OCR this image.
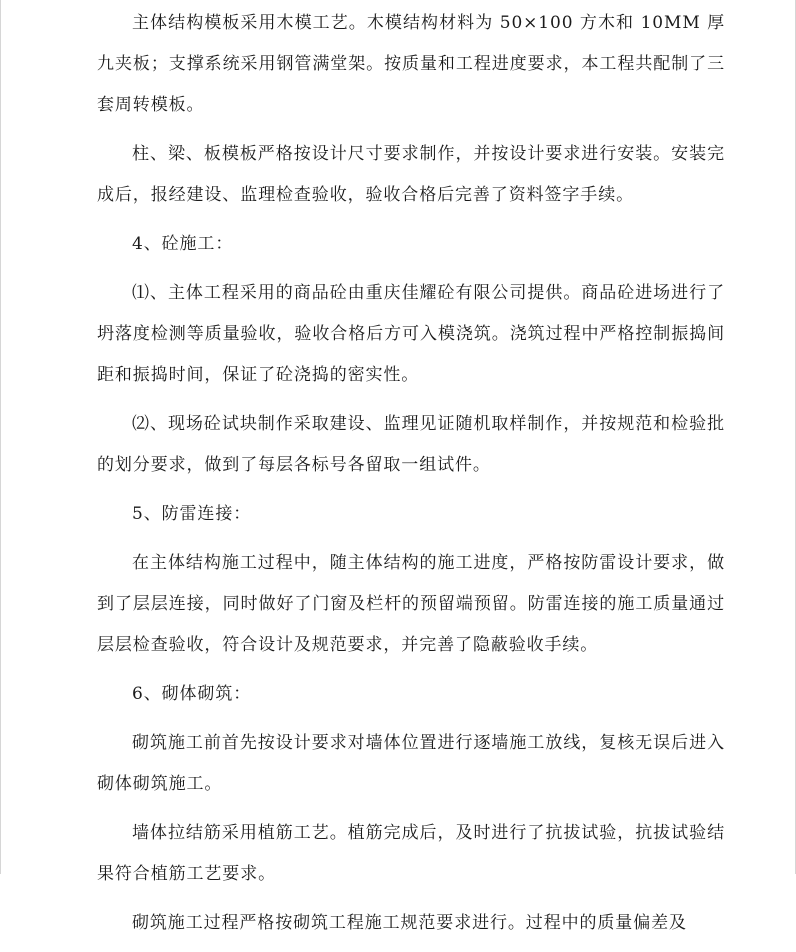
主体结构模板采用木模工艺。木模结构材料为 50×100 方木和 10MM 厚九夹板；支撑系统采用钢管满堂架。按质量和工程进度要求，本工程共配制了三套周转模板。

柱、梁、板模板严格按设计尺寸要求制作，并按设计要求进行安装。安装完成后，报经建设、监理检查验收，验收合格后完善了资料签字手续。

4、砼施工：

⑴、主体工程采用的商品砼由重庆佳耀砼有限公司提供。商品砼进场进行了坍落度检测等质量验收，验收合格后方可入模浇筑。浇筑过程中严格控制振捣间距和振捣时间，保证了砼浇捣的密实性。

⑵、现场砼试块制作采取建设、监理见证随机取样制作，并按规范和检验批的划分要求，做到了每层各标号各留取一组试件。

5、防雷连接：

在主体结构施工过程中，随主体结构的施工进度，严格按防雷设计要求，做到了层层连接，同时做好了门窗及栏杆的预留端预留。防雷连接的施工质量通过层层检查验收，符合设计及规范要求，并完善了隐蔽验收手续。

6、砌体砌筑：

砌筑施工前首先按设计要求对墙体位置进行逐墙施工放线，复核无误后进入砌体砌筑施工。

墙体拉结筋采用植筋工艺。植筋完成后，及时进行了抗拔试验，抗拔试验结果符合植筋工艺要求。

砌筑施工过程严格按砌筑工程施工规范要求进行。过程中的质量偏差及
